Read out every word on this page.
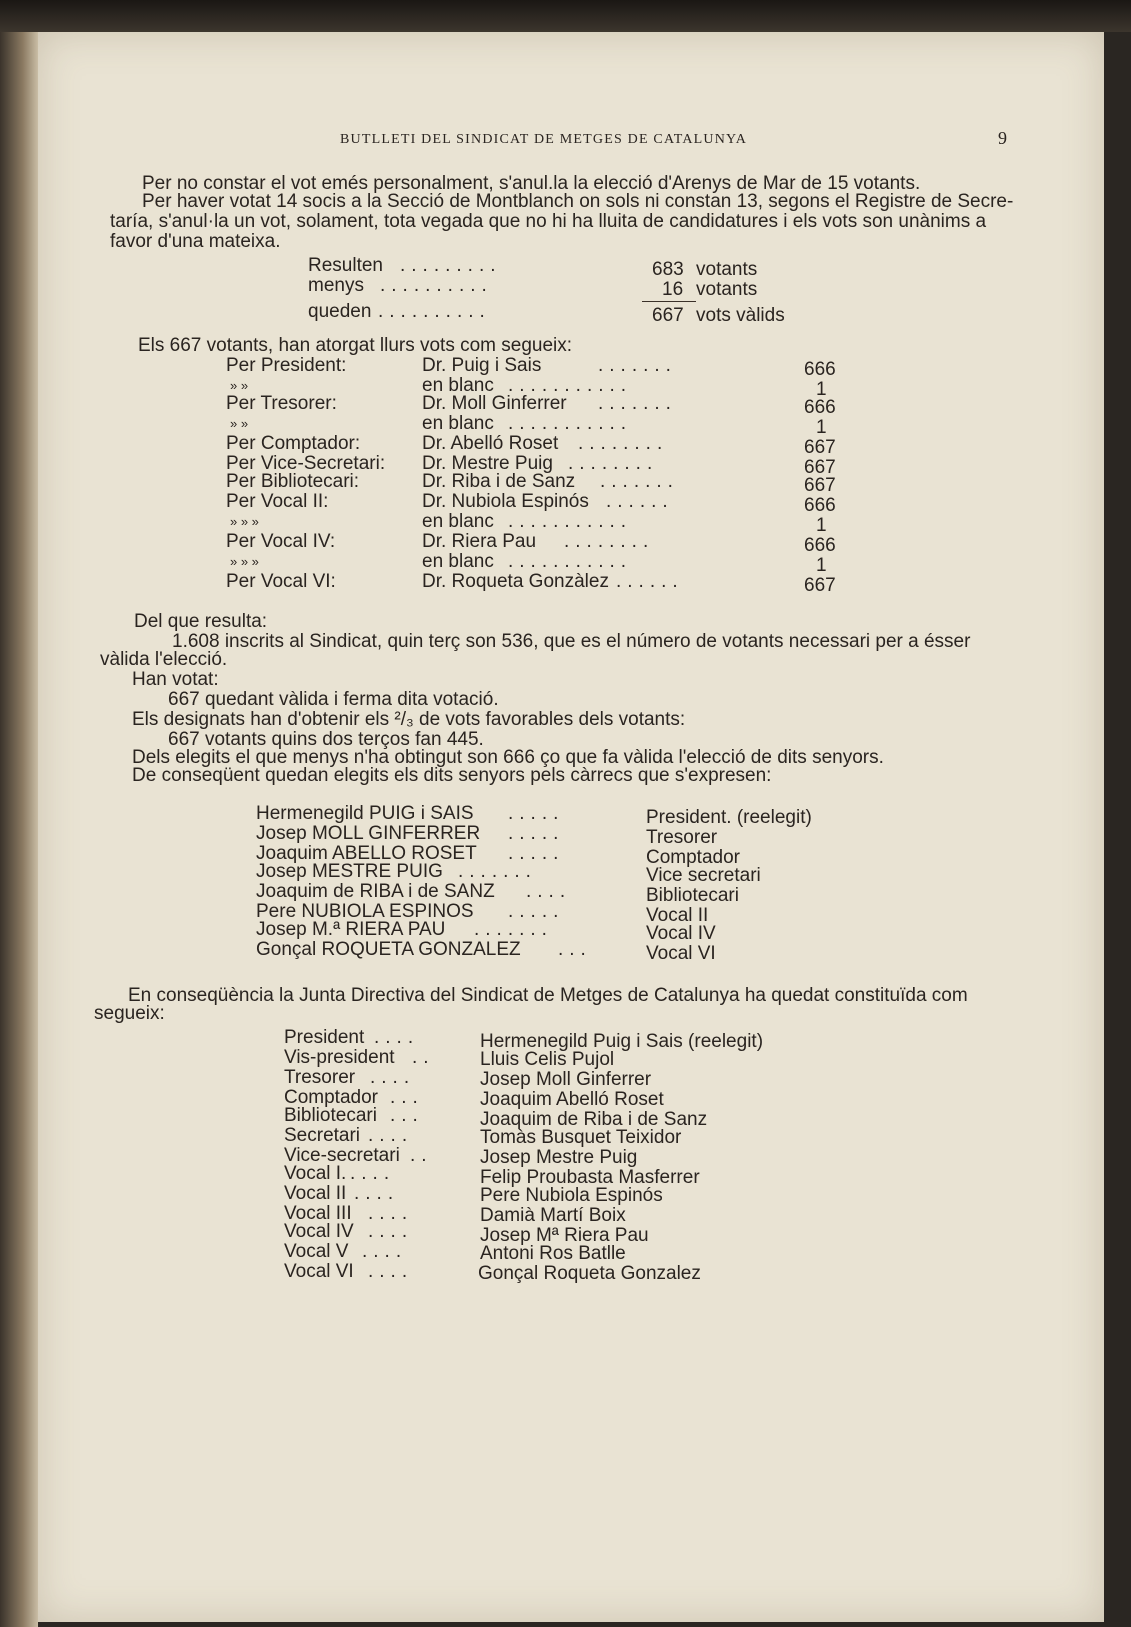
BUTLLETI DEL SINDICAT DE METGES DE CATALUNYA	9
Per no constar el vot emés personalment, s'anul.la la elecció d'Arenys de Mar de 15 votants.
Per haver votat 14 socis a la Secció de Montblanch on sols ni constan 13, segons el Registre de Secre-
taría, s'anul·la un vot, solament, tota vegada que no hi ha lluita de candidatures i els vots son unànims a
favor d'una mateixa.
Resulten .........	683 votants
menys ..........	16 votants
queden ..........	667 vots vàlids
Els 667 votants, han atorgat llurs vots com segueix:
Per President:	Dr. Puig i Sais	.......	666
» »	en blanc ...........	1
Per Tresorer:	Dr. Moll Ginferrer .......	666
» »	en blanc ...........	1
Per Comptador:	Dr. Abelló Roset ........	667
Per Vice-Secretari: Dr. Mestre Puig ........	667
Per Bibliotecari:	Dr. Riba i de Sanz .......	667
Per Vocal II:	Dr. Nubiola Espinós ......	666
» » »	en blanc ...........	1
Per Vocal IV:	Dr. Riera Pau ........	666
» » »	en blanc ...........	1
Per Vocal VI:	Dr. Roqueta Gonzàlez ......	667
Del que resulta:
1.608 inscrits al Sindicat, quin terç son 536, que es el número de votants necessari per a ésser
vàlida l'elecció.
Han votat:
667 quedant vàlida i ferma dita votació.
Els designats han d'obtenir els ²/₃ de vots favorables dels votants:
667 votants quins dos terços fan 445.
Dels elegits el que menys n'ha obtingut son 666 ço que fa vàlida l'elecció de dits senyors.
De conseqüent quedan elegits els dits senyors pels càrrecs que s'expresen:
Hermenegild PUIG i SAIS .....	President. (reelegit)
Josep MOLL GINFERRER .....	Tresorer
Joaquim ABELLO ROSET .....	Comptador
Josep MESTRE PUIG .......	Vice secretari
Joaquim de RIBA i de SANZ ....	Bibliotecari
Pere NUBIOLA ESPINOS .....	Vocal II
Josep M.ª RIERA PAU .......	Vocal IV
Gonçal ROQUETA GONZALEZ ...	Vocal VI
En conseqüència la Junta Directiva del Sindicat de Metges de Catalunya ha quedat constituïda com
segueix:
President ....	Hermenegild Puig i Sais (reelegit)
Vis-president .. Lluis Celis Pujol
Tresorer ....	Josep Moll Ginferrer
Comptador ...	Joaquim Abelló Roset
Bibliotecari ...	Joaquim de Riba i de Sanz
Secretari ....	Tomàs Busquet Teixidor
Vice-secretari .. Josep Mestre Puig
Vocal I. ....	Felip Proubasta Masferrer
Vocal II ....	Pere Nubiola Espinós
Vocal III ....	Damià Martí Boix
Vocal IV ....	Josep Mª Riera Pau
Vocal V ....	Antoni Ros Batlle
Vocal VI ....	Gonçal Roqueta Gonzalez
